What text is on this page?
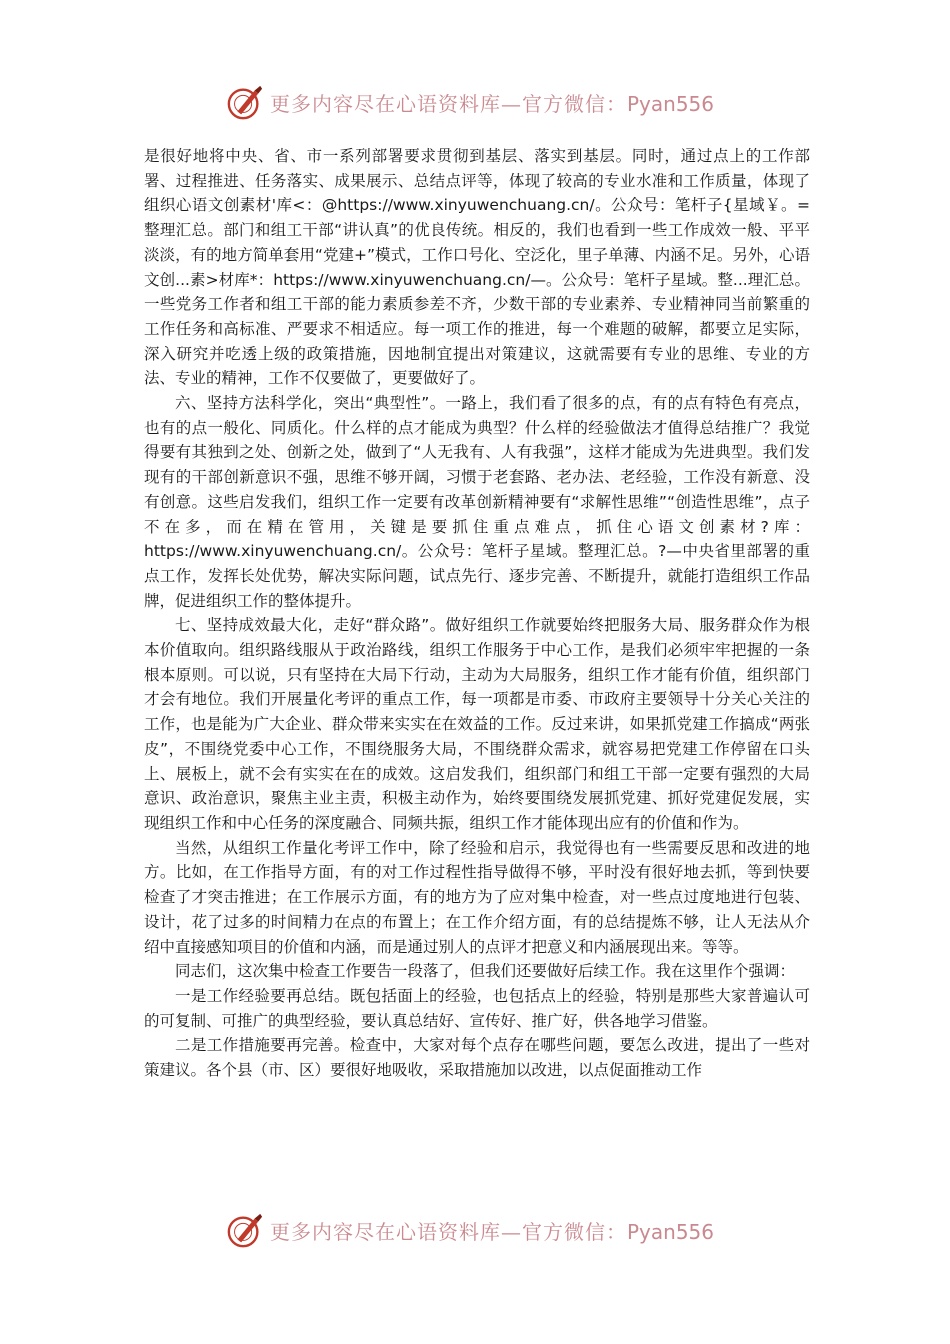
更多内容尽在心语资料库—官方微信：Pyan556

是很好地将中央、省、市一系列部署要求贯彻到基层、落实到基层。同时，通过点上的工作部署、过程推进、任务落实、成果展示、总结点评等，体现了较高的专业水准和工作质量，体现了组织心语文创素材'库<：@https://www.xinyuwenchuang.cn/。公众号：笔杆子{星域￥。=整理汇总。部门和组工干部“讲认真”的优良传统。相反的，我们也看到一些工作成效一般、平平淡淡，有的地方简单套用“党建+”模式，工作口号化、空泛化，里子单薄、内涵不足。另外，心语文创...素>材库*：https://www.xinyuwenchuang.cn/—。公众号：笔杆子星域。整...理汇总。一些党务工作者和组工干部的能力素质参差不齐，少数干部的专业素养、专业精神同当前繁重的工作任务和高标准、严要求不相适应。每一项工作的推进，每一个难题的破解，都要立足实际，深入研究并吃透上级的政策措施，因地制宜提出对策建议，这就需要有专业的思维、专业的方法、专业的精神，工作不仅要做了，更要做好了。

六、坚持方法科学化，突出“典型性”。一路上，我们看了很多的点，有的点有特色有亮点，也有的点一般化、同质化。什么样的点才能成为典型？什么样的经验做法才值得总结推广？我觉得要有其独到之处、创新之处，做到了“人无我有、人有我强”，这样才能成为先进典型。我们发现有的干部创新意识不强，思维不够开阔，习惯于老套路、老办法、老经验，工作没有新意、没有创意。这些启发我们，组织工作一定要有改革创新精神要有“求解性思维”“创造性思维”，点子不在多，而在精在管用，关键是要抓住重点难点，抓住心语文创素材?库：https://www.xinyuwenchuang.cn/。公众号：笔杆子星域。整理汇总。?—中央省里部署的重点工作，发挥长处优势，解决实际问题，试点先行、逐步完善、不断提升，就能打造组织工作品牌，促进组织工作的整体提升。

七、坚持成效最大化，走好“群众路”。做好组织工作就要始终把服务大局、服务群众作为根本价值取向。组织路线服从于政治路线，组织工作服务于中心工作，是我们必须牢牢把握的一条根本原则。可以说，只有坚持在大局下行动，主动为大局服务，组织工作才能有价值，组织部门才会有地位。我们开展量化考评的重点工作，每一项都是市委、市政府主要领导十分关心关注的工作，也是能为广大企业、群众带来实实在在效益的工作。反过来讲，如果抓党建工作搞成“两张皮”，不围绕党委中心工作，不围绕服务大局，不围绕群众需求，就容易把党建工作停留在口头上、展板上，就不会有实实在在的成效。这启发我们，组织部门和组工干部一定要有强烈的大局意识、政治意识，聚焦主业主责，积极主动作为，始终要围绕发展抓党建、抓好党建促发展，实现组织工作和中心任务的深度融合、同频共振，组织工作才能体现出应有的价值和作为。

当然，从组织工作量化考评工作中，除了经验和启示，我觉得也有一些需要反思和改进的地方。比如，在工作指导方面，有的对工作过程性指导做得不够，平时没有很好地去抓，等到快要检查了才突击推进；在工作展示方面，有的地方为了应对集中检查，对一些点过度地进行包装、设计，花了过多的时间精力在点的布置上；在工作介绍方面，有的总结提炼不够，让人无法从介绍中直接感知项目的价值和内涵，而是通过别人的点评才把意义和内涵展现出来。等等。

同志们，这次集中检查工作要告一段落了，但我们还要做好后续工作。我在这里作个强调：

一是工作经验要再总结。既包括面上的经验，也包括点上的经验，特别是那些大家普遍认可的可复制、可推广的典型经验，要认真总结好、宣传好、推广好，供各地学习借鉴。

二是工作措施要再完善。检查中，大家对每个点存在哪些问题，要怎么改进，提出了一些对策建议。各个县（市、区）要很好地吸收，采取措施加以改进，以点促面推动工作

更多内容尽在心语资料库—官方微信：Pyan556
